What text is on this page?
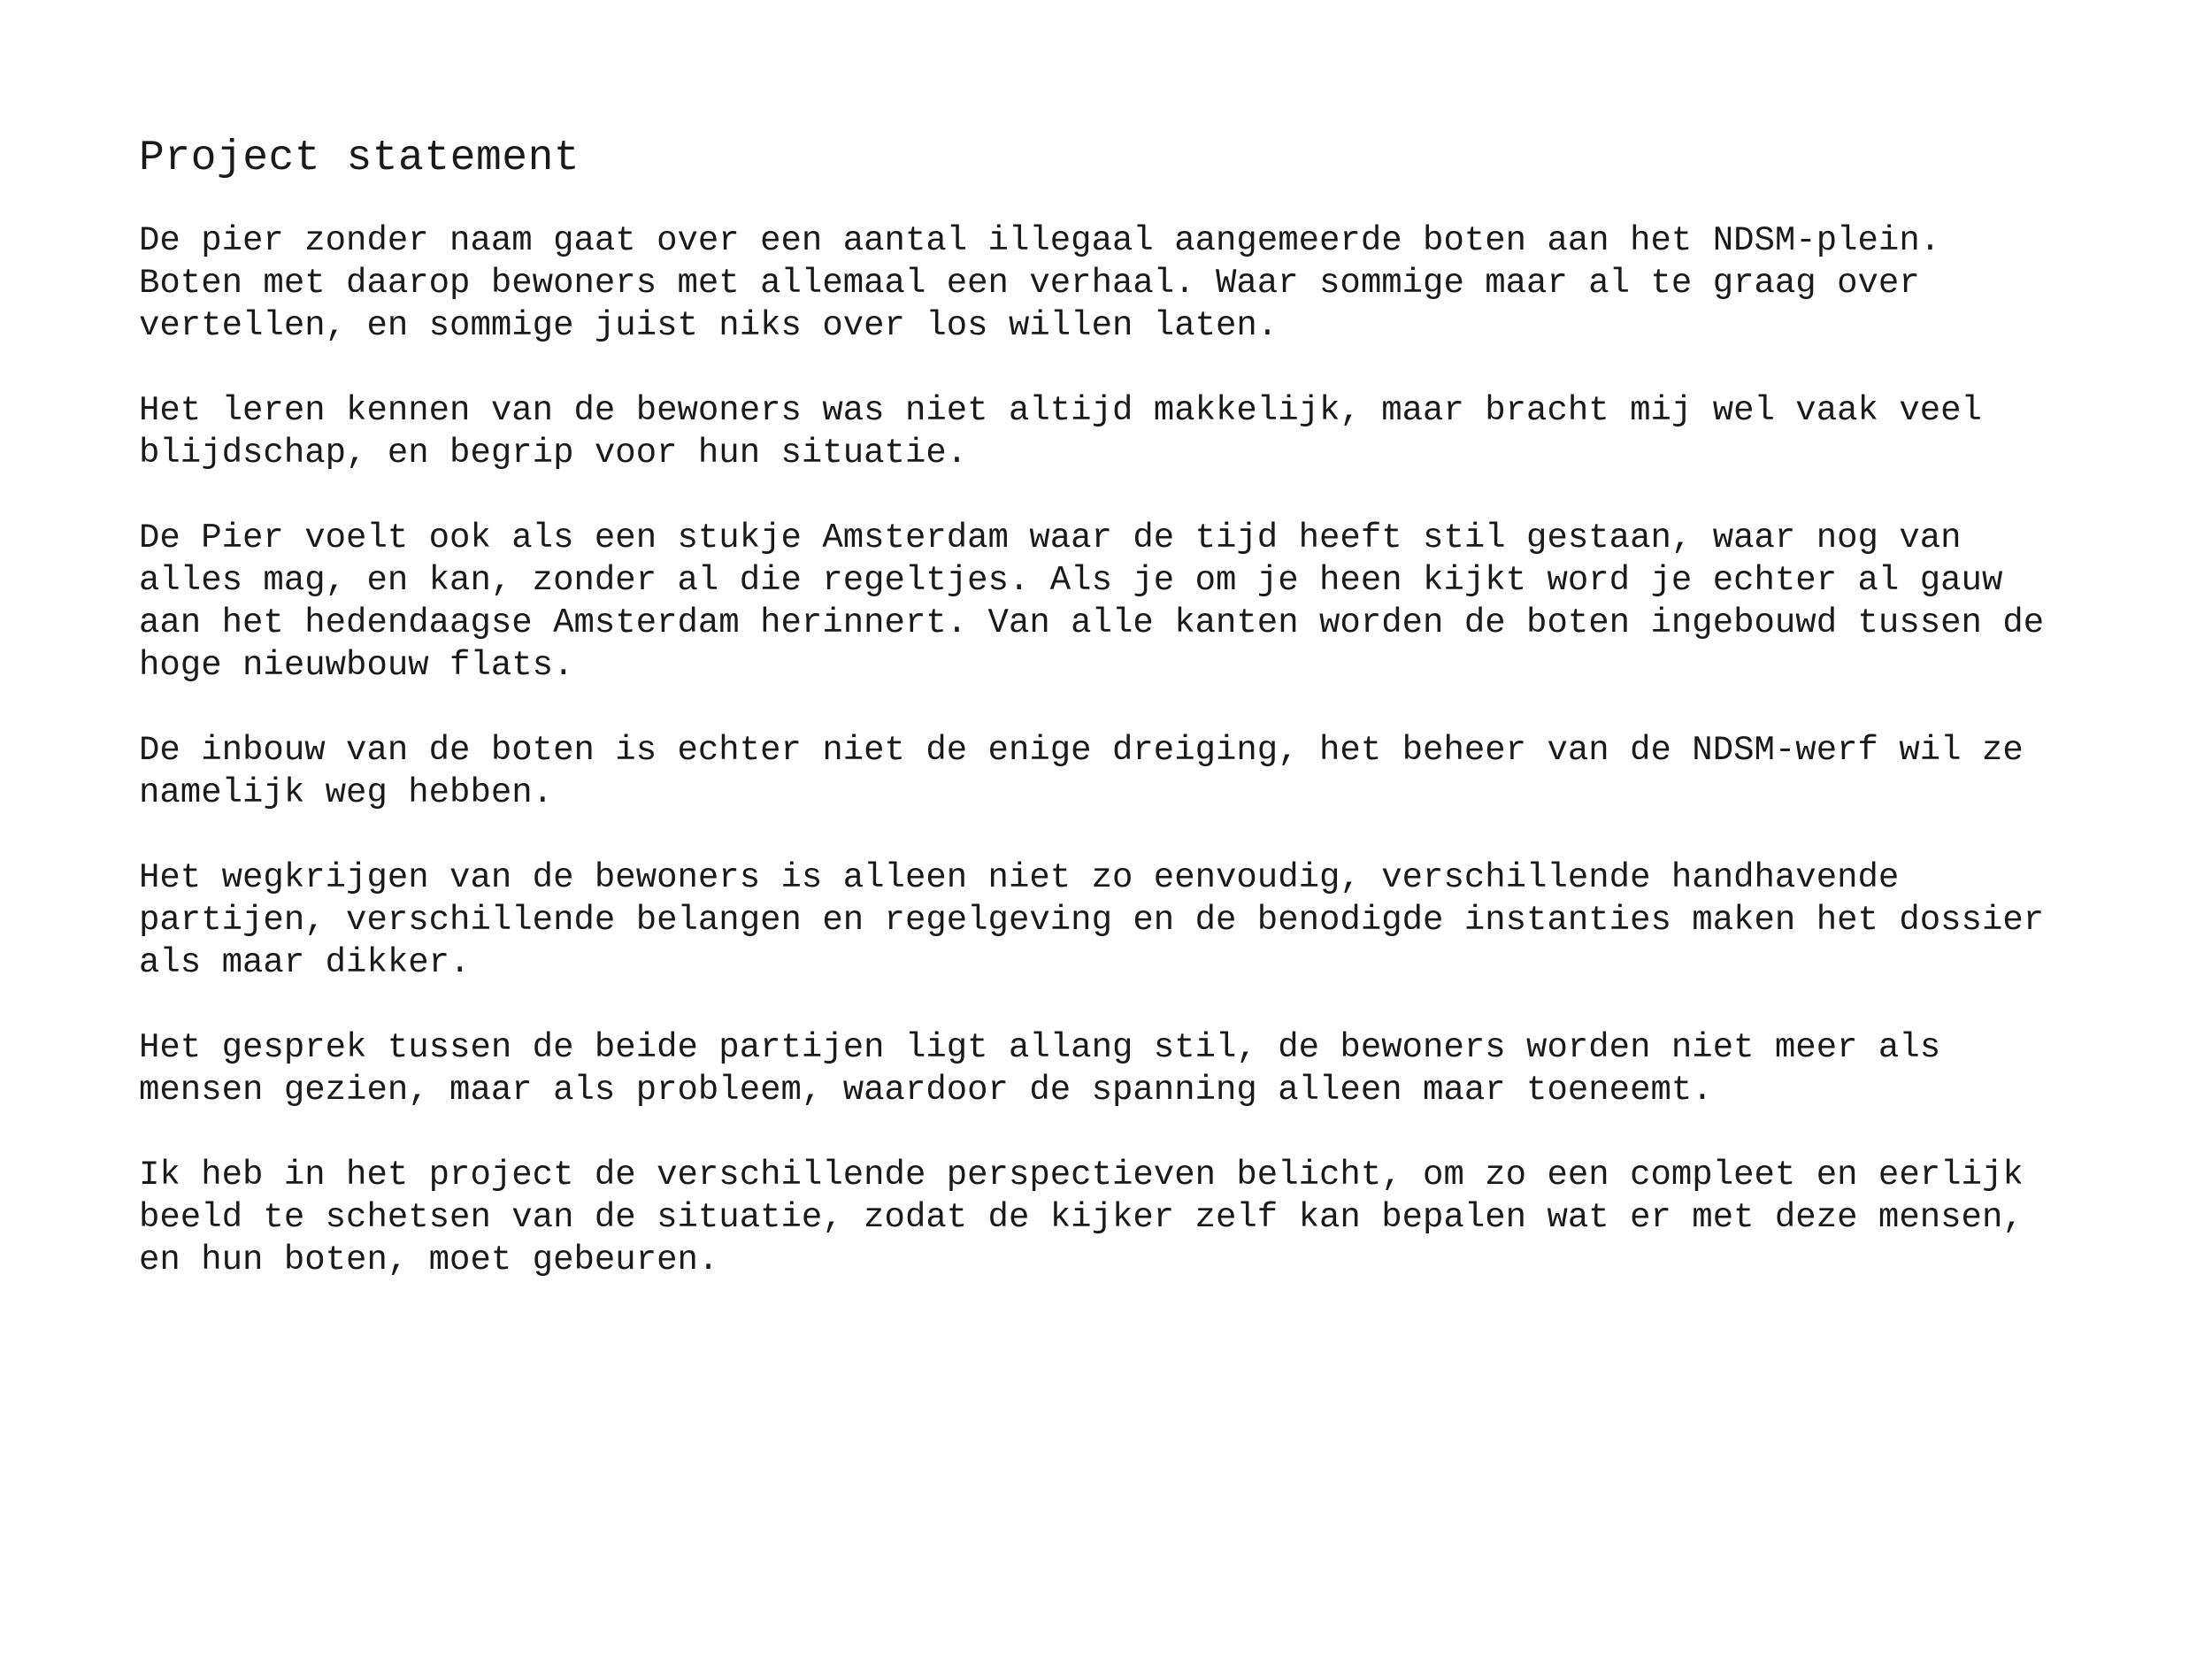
Project statement

De pier zonder naam gaat over een aantal illegaal aangemeerde boten aan het NDSM-plein.
Boten met daarop bewoners met allemaal een verhaal. Waar sommige maar al te graag over
vertellen, en sommige juist niks over los willen laten.

Het leren kennen van de bewoners was niet altijd makkelijk, maar bracht mij wel vaak veel
blijdschap, en begrip voor hun situatie.

De Pier voelt ook als een stukje Amsterdam waar de tijd heeft stil gestaan, waar nog van
alles mag, en kan, zonder al die regeltjes. Als je om je heen kijkt word je echter al gauw
aan het hedendaagse Amsterdam herinnert. Van alle kanten worden de boten ingebouwd tussen de
hoge nieuwbouw flats.

De inbouw van de boten is echter niet de enige dreiging, het beheer van de NDSM-werf wil ze
namelijk weg hebben.

Het wegkrijgen van de bewoners is alleen niet zo eenvoudig, verschillende handhavende
partijen, verschillende belangen en regelgeving en de benodigde instanties maken het dossier
als maar dikker.

Het gesprek tussen de beide partijen ligt allang stil, de bewoners worden niet meer als
mensen gezien, maar als probleem, waardoor de spanning alleen maar toeneemt.

Ik heb in het project de verschillende perspectieven belicht, om zo een compleet en eerlijk
beeld te schetsen van de situatie, zodat de kijker zelf kan bepalen wat er met deze mensen,
en hun boten, moet gebeuren.
